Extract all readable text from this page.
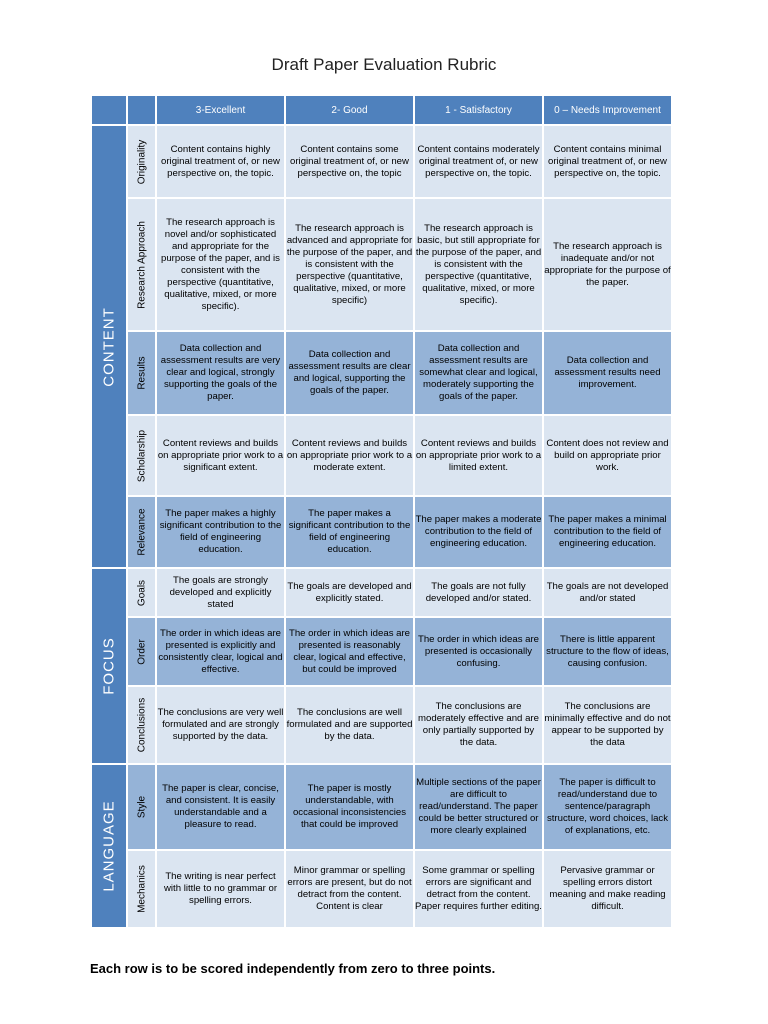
Draft Paper Evaluation Rubric
		3-Excellent	2- Good	1 - Satisfactory	0 – Needs Improvement

CONTENT	Originality	Content contains highly original treatment of, or new perspective on, the topic.	Content contains some original treatment of, or new perspective on, the topic	Content contains moderately original treatment of, or new perspective on, the topic.	Content contains minimal original treatment of, or new perspective on, the topic.

	Research Approach	The research approach is novel and/or sophisticated and appropriate for the purpose of the paper, and is consistent with the perspective (quantitative, qualitative, mixed, or more specific).	The research approach is advanced and appropriate for the purpose of the paper, and is consistent with the perspective (quantitative, qualitative, mixed, or more specific)	The research approach is basic, but still appropriate for the purpose of the paper, and is consistent with the perspective (quantitative, qualitative, mixed, or more specific).	The research approach is inadequate and/or not appropriate for the purpose of the paper.

	Results	Data collection and assessment results are very clear and logical, strongly supporting the goals of the paper.	Data collection and assessment results are clear and logical, supporting the goals of the paper.	Data collection and assessment results are somewhat clear and logical, moderately supporting the goals of the paper.	Data collection and assessment results need improvement.

	Scholarship	Content reviews and builds on appropriate prior work to a significant extent.	Content reviews and builds on appropriate prior work to a moderate extent.	Content reviews and builds on appropriate prior work to a limited extent.	Content does not review and build on appropriate prior work.

	Relevance	The paper makes a highly significant contribution to the field of engineering education.	The paper makes a significant contribution to the field of engineering education.	The paper makes a moderate contribution to the field of engineering education.	The paper makes a minimal contribution to the field of engineering education.

FOCUS	Goals	The goals are strongly developed and explicitly stated	The goals are developed and explicitly stated.	The goals are not fully developed and/or stated.	The goals are not developed and/or stated

	Order	The order in which ideas are presented is explicitly and consistently clear, logical and effective.	The order in which ideas are presented is reasonably clear, logical and effective, but could be improved	The order in which ideas are presented is occasionally confusing.	There is little apparent structure to the flow of ideas, causing confusion.

	Conclusions	The conclusions are very well formulated and are strongly supported by the data.	The conclusions are well formulated and are supported by the data.	The conclusions are moderately effective and are only partially supported by the data.	The conclusions are minimally effective and do not appear to be supported by the data

LANGUAGE	Style	The paper is clear, concise, and consistent. It is easily understandable and a pleasure to read.	The paper is mostly understandable, with occasional inconsistencies that could be improved	Multiple sections of the paper are difficult to read/understand. The paper could be better structured or more clearly explained	The paper is difficult to read/understand due to sentence/paragraph structure, word choices, lack of explanations, etc.

	Mechanics	The writing is near perfect with little to no grammar or spelling errors.	Minor grammar or spelling errors are present, but do not detract from the content. Content is clear	Some grammar or spelling errors are significant and detract from the content. Paper requires further editing.	Pervasive grammar or spelling errors distort meaning and make reading difficult.
Each row is to be scored independently from zero to three points.
